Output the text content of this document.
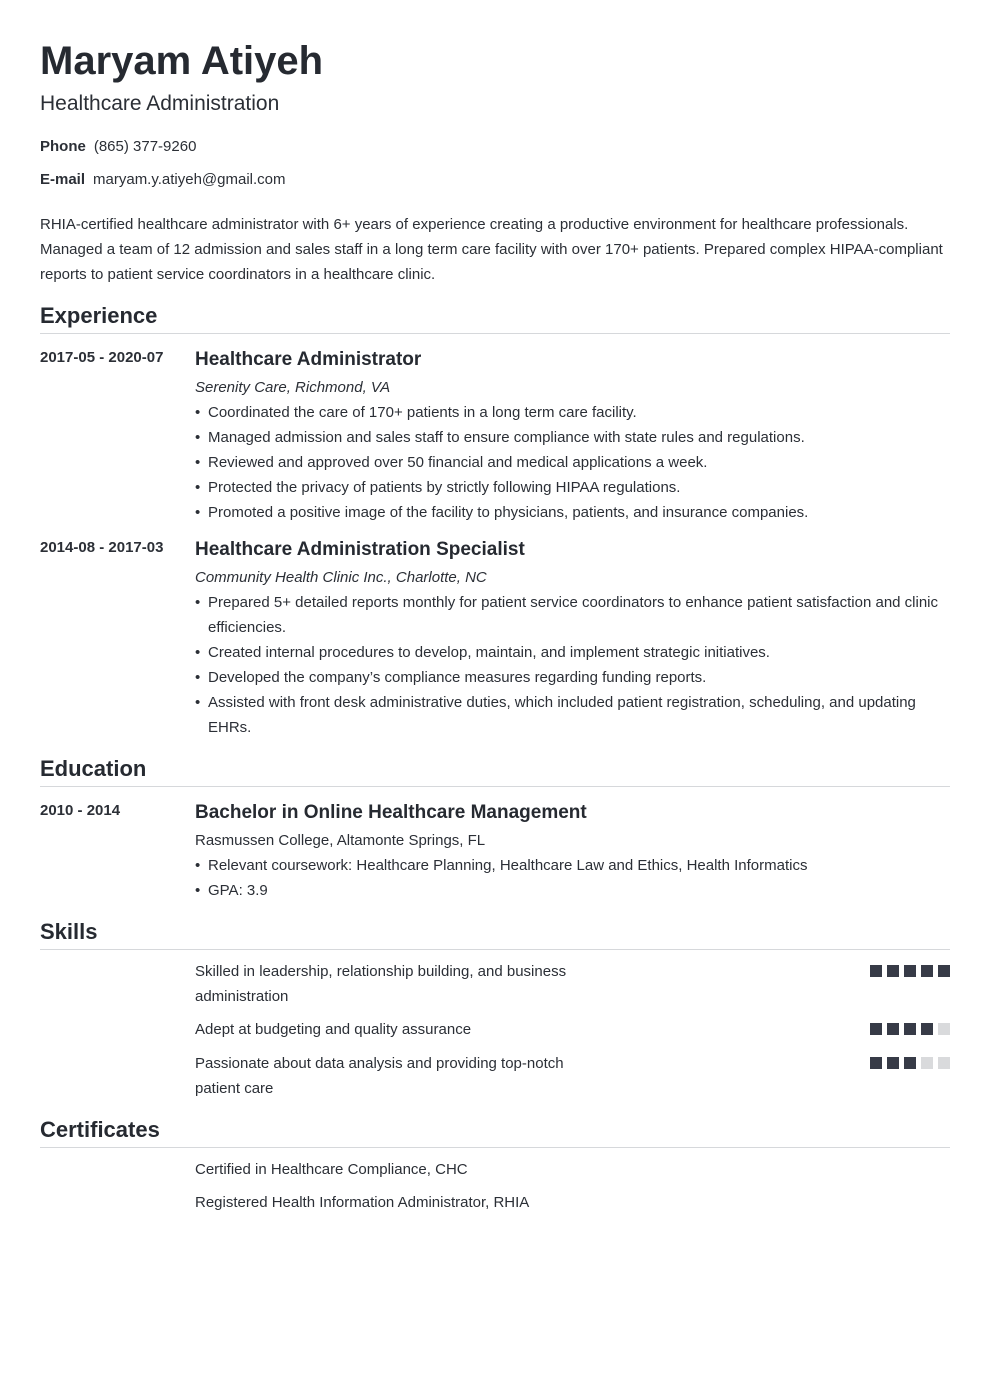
Maryam Atiyeh
Healthcare Administration
Phone (865) 377-9260
E-mail maryam.y.atiyeh@gmail.com

RHIA-certified healthcare administrator with 6+ years of experience creating a productive environment for healthcare professionals. Managed a team of 12 admission and sales staff in a long term care facility with over 170+ patients. Prepared complex HIPAA-compliant reports to patient service coordinators in a healthcare clinic.

Experience
2017-05 - 2020-07	Healthcare Administrator
Serenity Care, Richmond, VA
• Coordinated the care of 170+ patients in a long term care facility.
• Managed admission and sales staff to ensure compliance with state rules and regulations.
• Reviewed and approved over 50 financial and medical applications a week.
• Protected the privacy of patients by strictly following HIPAA regulations.
• Promoted a positive image of the facility to physicians, patients, and insurance companies.
2014-08 - 2017-03	Healthcare Administration Specialist
Community Health Clinic Inc., Charlotte, NC
• Prepared 5+ detailed reports monthly for patient service coordinators to enhance patient satisfaction and clinic efficiencies.
• Created internal procedures to develop, maintain, and implement strategic initiatives.
• Developed the company’s compliance measures regarding funding reports.
• Assisted with front desk administrative duties, which included patient registration, scheduling, and updating EHRs.
Education
2010 - 2014	Bachelor in Online Healthcare Management
Rasmussen College, Altamonte Springs, FL
• Relevant coursework: Healthcare Planning, Healthcare Law and Ethics, Health Informatics
• GPA: 3.9
Skills
Skilled in leadership, relationship building, and business administration
Adept at budgeting and quality assurance
Passionate about data analysis and providing top-notch patient care
Certificates
Certified in Healthcare Compliance, CHC
Registered Health Information Administrator, RHIA
